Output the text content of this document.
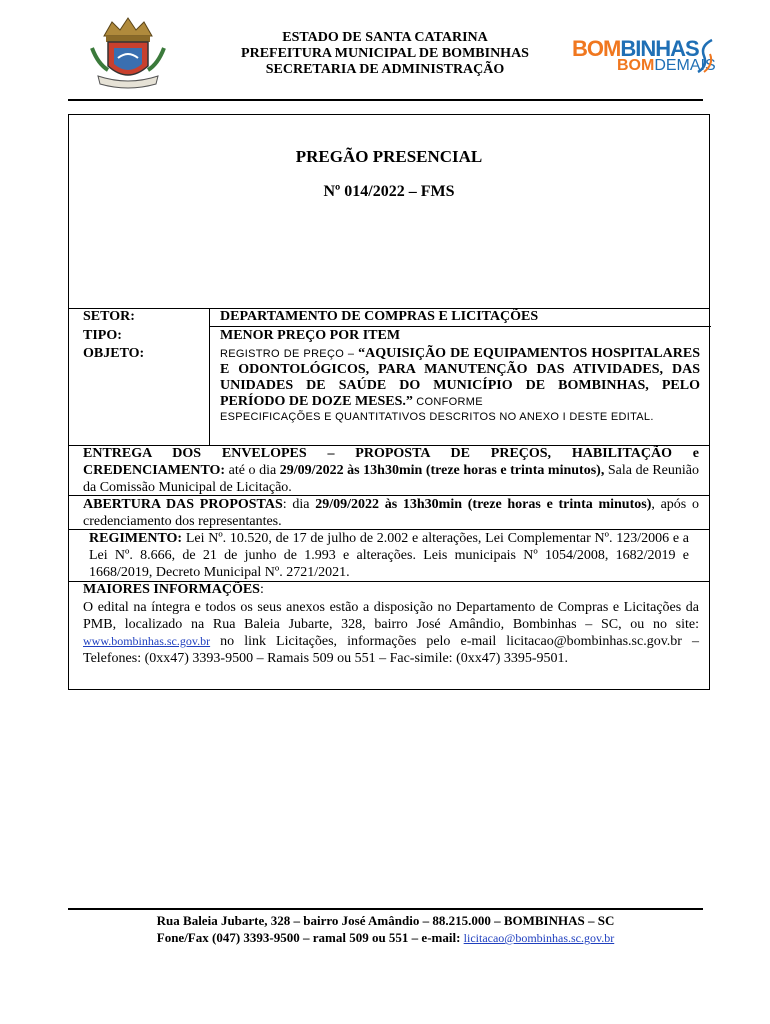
ESTADO DE SANTA CATARINA
PREFEITURA MUNICIPAL DE BOMBINHAS
SECRETARIA DE ADMINISTRAÇÃO
BOMBINHAS
BOMDEMAIS
PREGÃO PRESENCIAL
Nº 014/2022 – FMS
SETOR:	DEPARTAMENTO DE COMPRAS E LICITAÇÕES
TIPO:	MENOR PREÇO POR ITEM
OBJETO:	REGISTRO DE PREÇO – “AQUISIÇÃO DE EQUIPAMENTOS HOSPITALARES E ODONTOLÓGICOS, PARA MANUTENÇÃO DAS ATIVIDADES, DAS UNIDADES DE SAÚDE DO MUNICÍPIO DE BOMBINHAS, PELO PERÍODO DE DOZE MESES.” CONFORME
ESPECIFICAÇÕES E QUANTITATIVOS DESCRITOS NO ANEXO I DESTE EDITAL.
ENTREGA DOS ENVELOPES – PROPOSTA DE PREÇOS, HABILITAÇÃO e CREDENCIAMENTO: até o dia 29/09/2022 às 13h30min (treze horas e trinta minutos), Sala de Reunião da Comissão Municipal de Licitação.
ABERTURA DAS PROPOSTAS: dia 29/09/2022 às 13h30min (treze horas e trinta minutos), após o credenciamento dos representantes.
REGIMENTO: Lei Nº. 10.520, de 17 de julho de 2.002 e alterações, Lei Complementar Nº. 123/2006 e a Lei Nº. 8.666, de 21 de junho de 1.993 e alterações. Leis municipais Nº 1054/2008, 1682/2019 e 1668/2019, Decreto Municipal Nº. 2721/2021.
MAIORES INFORMAÇÕES:
O edital na íntegra e todos os seus anexos estão a disposição no Departamento de Compras e Licitações da PMB, localizado na Rua Baleia Jubarte, 328, bairro José Amândio, Bombinhas – SC, ou no site: www.bombinhas.sc.gov.br no link Licitações, informações pelo e-mail licitacao@bombinhas.sc.gov.br – Telefones: (0xx47) 3393-9500 – Ramais 509 ou 551 – Fac-simile: (0xx47) 3395-9501.
Rua Baleia Jubarte, 328 – bairro José Amândio – 88.215.000 – BOMBINHAS – SC
Fone/Fax (047) 3393-9500 – ramal 509 ou 551 – e-mail: licitacao@bombinhas.sc.gov.br
